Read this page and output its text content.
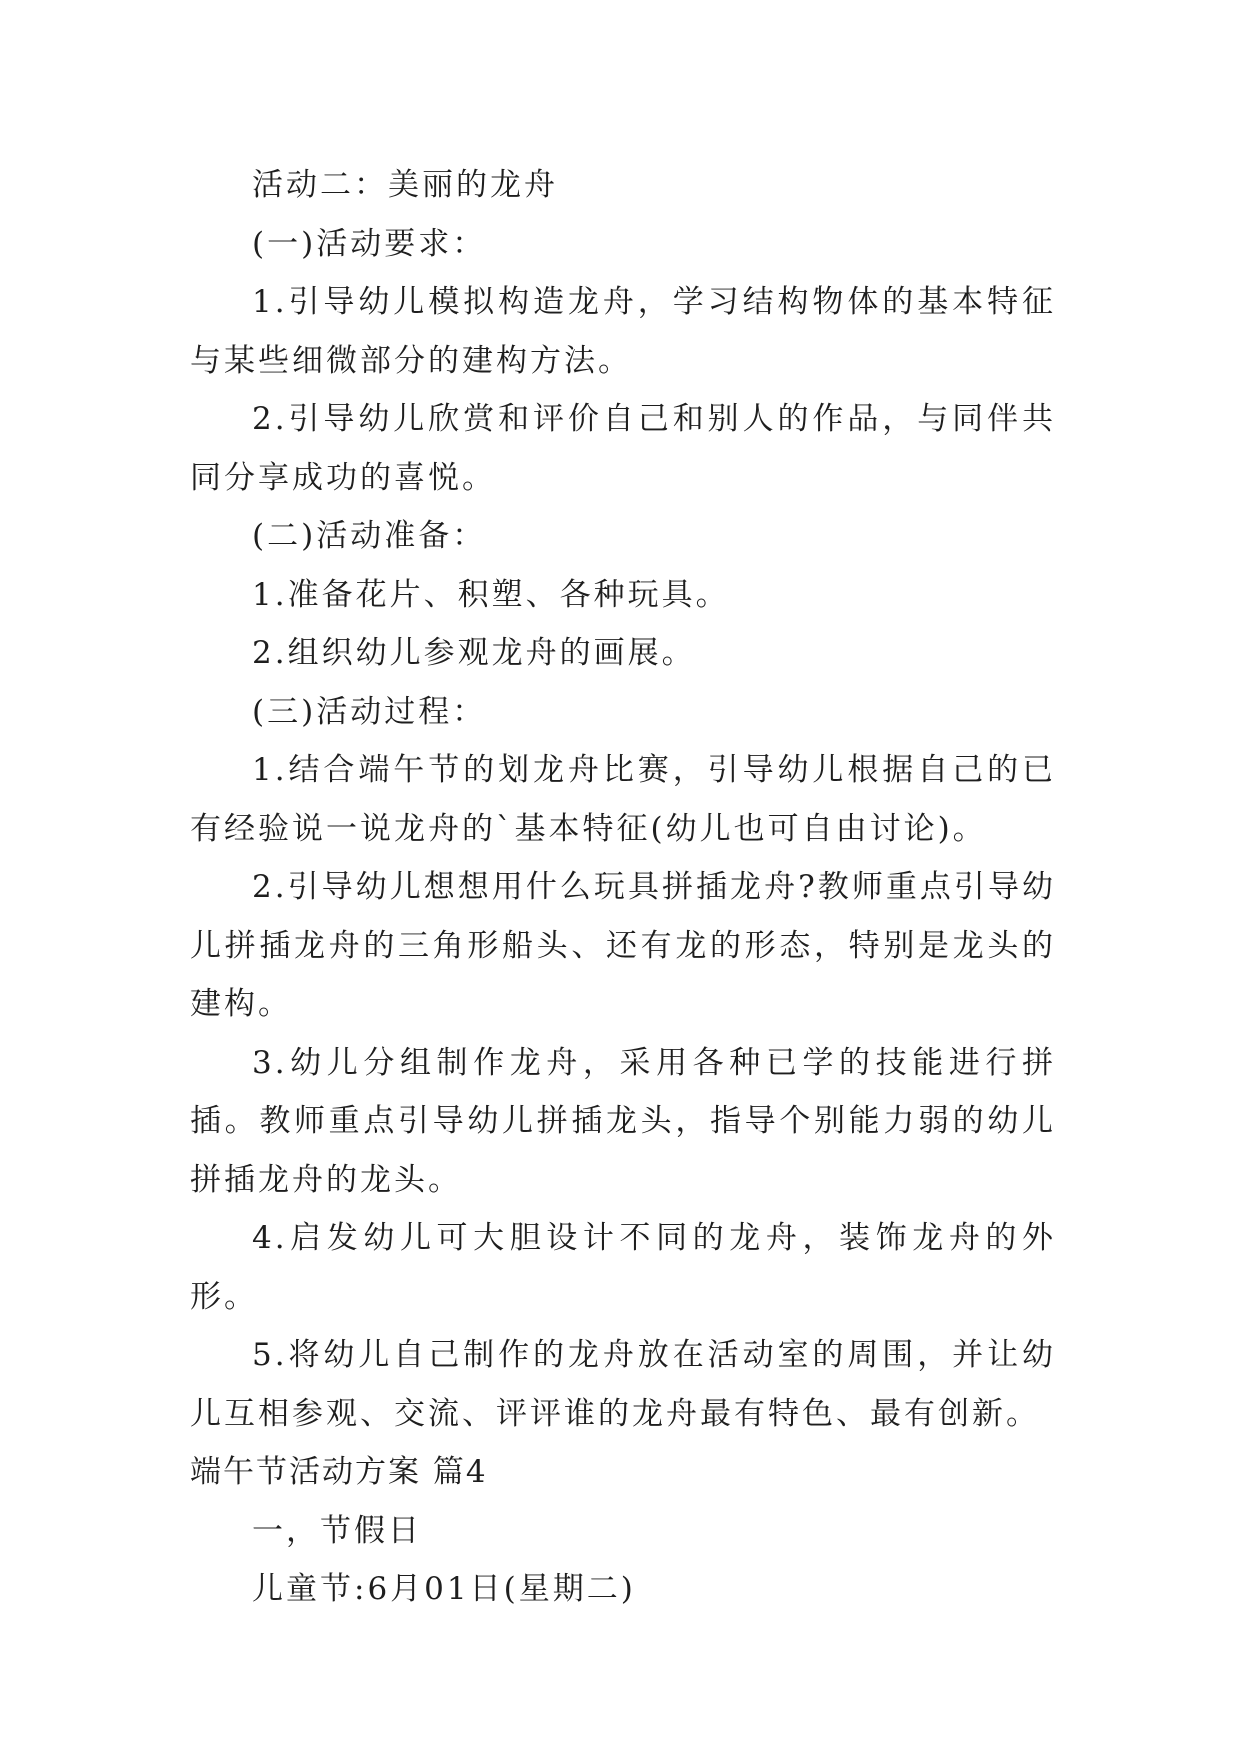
活动二：美丽的龙舟

(一)活动要求：

1.引导幼儿模拟构造龙舟，学习结构物体的基本特征与某些细微部分的建构方法。

2.引导幼儿欣赏和评价自己和别人的作品，与同伴共同分享成功的喜悦。

(二)活动准备：

1.准备花片、积塑、各种玩具。

2.组织幼儿参观龙舟的画展。

(三)活动过程：

1.结合端午节的划龙舟比赛，引导幼儿根据自己的已有经验说一说龙舟的`基本特征(幼儿也可自由讨论)。

2.引导幼儿想想用什么玩具拼插龙舟?教师重点引导幼儿拼插龙舟的三角形船头、还有龙的形态，特别是龙头的建构。

3.幼儿分组制作龙舟，采用各种已学的技能进行拼插。教师重点引导幼儿拼插龙头，指导个别能力弱的幼儿拼插龙舟的龙头。

4.启发幼儿可大胆设计不同的龙舟，装饰龙舟的外形。

5.将幼儿自己制作的龙舟放在活动室的周围，并让幼儿互相参观、交流、评评谁的龙舟最有特色、最有创新。

端午节活动方案 篇4

一，节假日

儿童节:6月01日(星期二)
